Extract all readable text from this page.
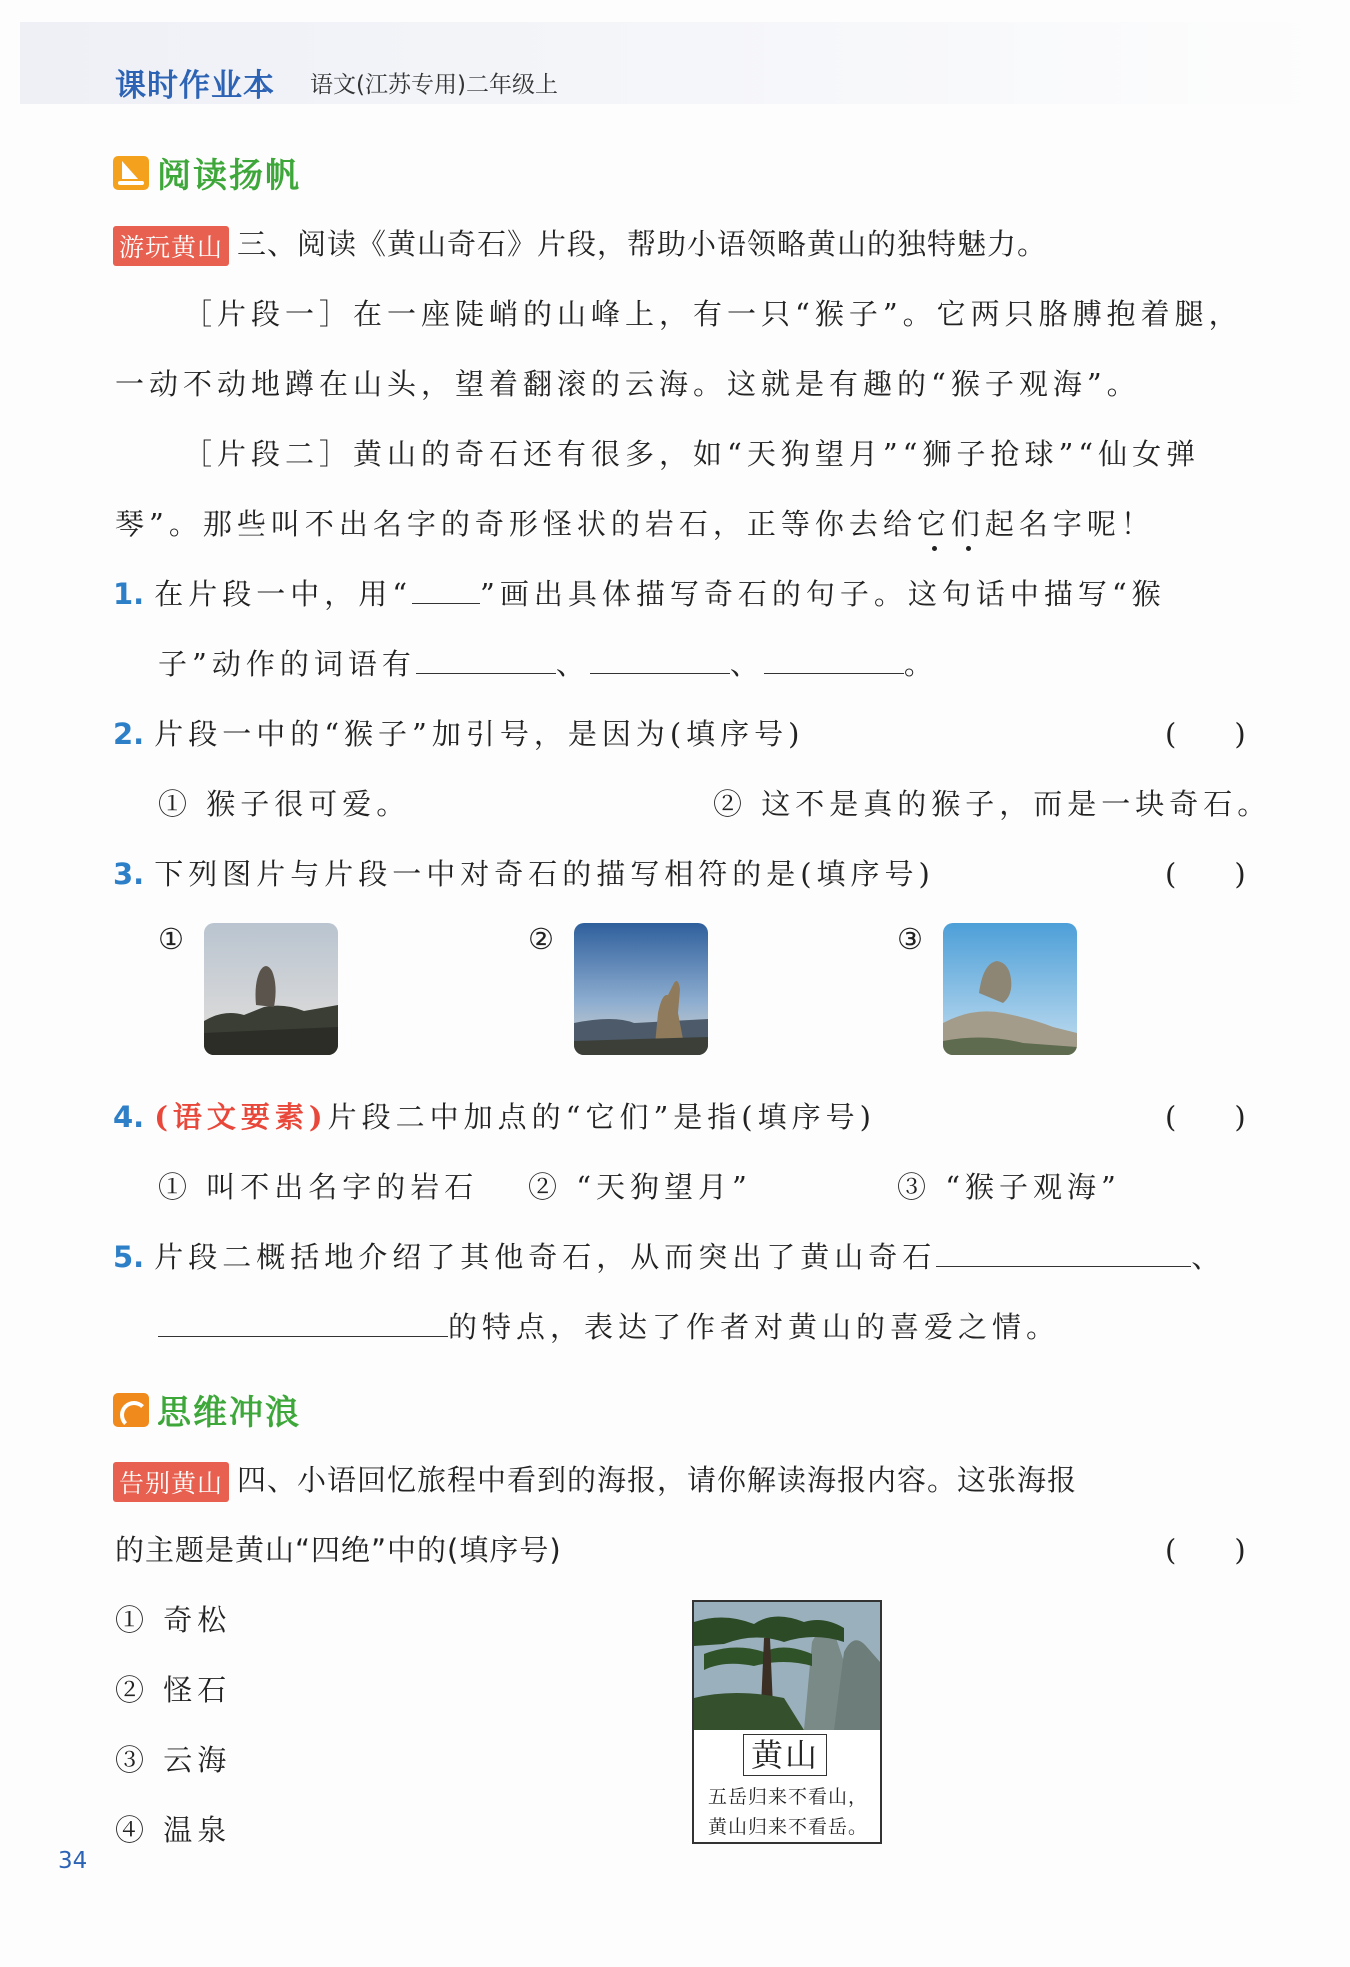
课时作业本 语文(江苏专用)二年级上
阅读扬帆
游玩黄山 三、阅读《黄山奇石》片段，帮助小语领略黄山的独特魅力。
［片段一］在一座陡峭的山峰上，有一只“猴子”。它两只胳膊抱着腿，
一动不动地蹲在山头，望着翻滚的云海。这就是有趣的“猴子观海”。
［片段二］黄山的奇石还有很多，如“天狗望月”“狮子抢球”“仙女弹
琴”。那些叫不出名字的奇形怪状的岩石，正等你去给它们起名字呢！
1. 在片段一中，用“ ”画出具体描写奇石的句子。这句话中描写“猴
子”动作的词语有	、	、	。
2. 片段一中的“猴子”加引号，是因为(填序号)	(　　)
① 猴子很可爱。	② 这不是真的猴子，而是一块奇石。
3. 下列图片与片段一中对奇石的描写相符的是(填序号)	(　　)
①	②	③
4. (语文要素)片段二中加点的“它们”是指(填序号)	(　　)
① 叫不出名字的岩石 ② “天狗望月”	③ “猴子观海”
5. 片段二概括地介绍了其他奇石，从而突出了黄山奇石	、
的特点，表达了作者对黄山的喜爱之情。
思维冲浪
告别黄山 四、小语回忆旅程中看到的海报，请你解读海报内容。这张海报
的主题是黄山“四绝”中的(填序号)	(　　)
① 奇松
② 怪石
③ 云海
④ 温泉
黄山
五岳归来不看山，
黄山归来不看岳。
34
